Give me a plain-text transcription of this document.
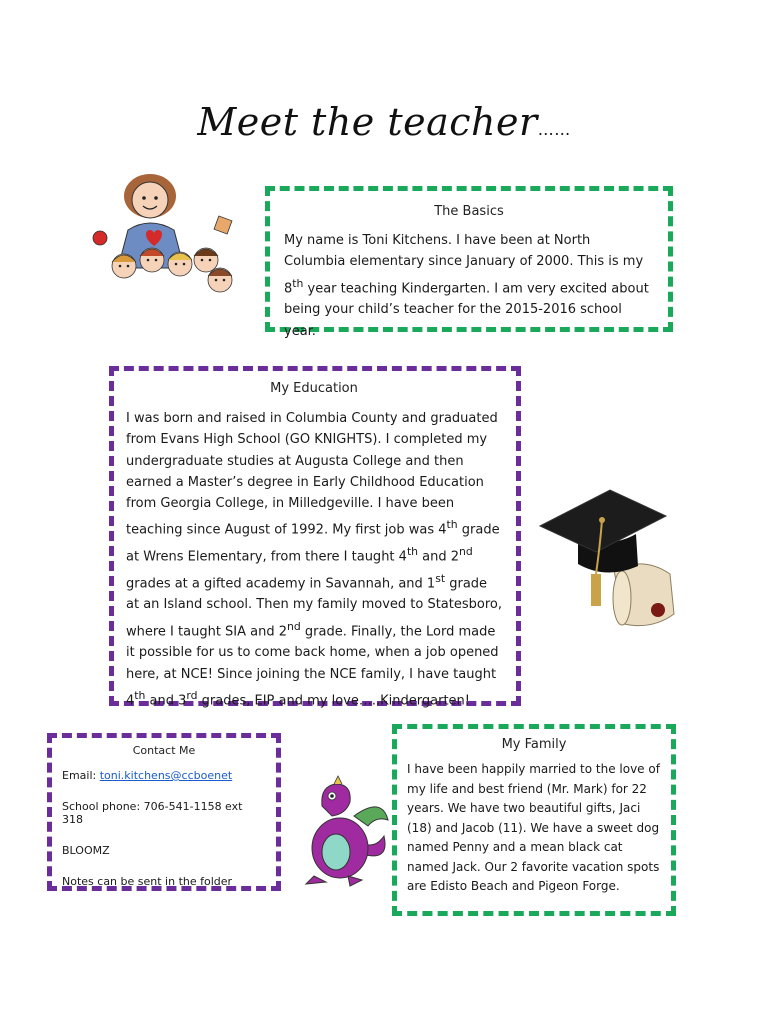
Meet the teacher……
The Basics
My name is Toni Kitchens. I have been at North Columbia elementary since January of 2000. This is my 8th year teaching Kindergarten. I am very excited about being your child’s teacher for the 2015-2016 school year.
My Education
I was born and raised in Columbia County and graduated from Evans High School (GO KNIGHTS). I completed my undergraduate studies at Augusta College and then earned a Master’s degree in Early Childhood Education from Georgia College, in Milledgeville. I have been teaching since August of 1992. My first job was 4th grade at Wrens Elementary, from there I taught 4th and 2nd grades at a gifted academy in Savannah, and 1st grade at an Island school. Then my family moved to Statesboro, where I taught SIA and 2nd grade. Finally, the Lord made it possible for us to come back home, when a job opened here, at NCE! Since joining the NCE family, I have taught 4th and 3rd grades, EIP and my love…..Kindergarten!
Contact Me
Email: toni.kitchens@ccboenet
School phone: 706-541-1158 ext 318
BLOOMZ
Notes can be sent in the folder
My Family
I have been happily married to the love of my life and best friend (Mr. Mark) for 22 years. We have two beautiful gifts, Jaci (18) and Jacob (11). We have a sweet dog named Penny and a mean black cat named Jack. Our 2 favorite vacation spots are Edisto Beach and Pigeon Forge.
